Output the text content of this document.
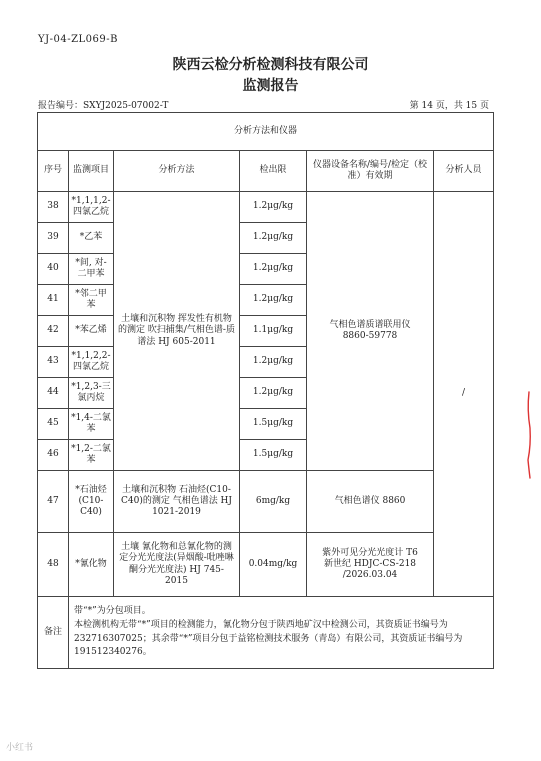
YJ-04-ZL069-B
陕西云检分析检测科技有限公司
监测报告
报告编号：SXYJ2025-07002-T	第 14 页，共 15 页
分析方法和仪器					
序号	监测项目	分析方法	检出限	仪器设备名称/编号/检定（校准）有效期	分析人员
38	*1,1,1,2-四氯乙烷	土壤和沉积物 挥发性有机物的测定 吹扫捕集/气相色谱-质谱法 HJ 605-2011	1.2μg/kg	气相色谱质谱联用仪 8860-59778	/
39	*乙苯		1.2μg/kg		
40	*间, 对-二甲苯		1.2μg/kg		
41	*邻二甲苯		1.2μg/kg		
42	*苯乙烯		1.1μg/kg		
43	*1,1,2,2-四氯乙烷		1.2μg/kg		
44	*1,2,3-三氯丙烷		1.2μg/kg		
45	*1,4-二氯苯		1.5μg/kg		
46	*1,2-二氯苯		1.5μg/kg		
47	*石油烃(C10-C40)	土壤和沉积物 石油烃(C10-C40)的测定 气相色谱法 HJ 1021-2019	6mg/kg	气相色谱仪 8860	
48	*氰化物	土壤 氰化物和总氰化物的测定分光光度法(异烟酸-吡唑啉酮分光光度法) HJ 745-2015	0.04mg/kg	紫外可见分光光度计 T6 新世纪 HDJC-CS-218 /2026.03.04	
备注	带“*”为分包项目。
本检测机构无带“*”项目的检测能力，氰化物分包于陕西地矿汉中检测公司，其资质证书编号为232716307025；其余带“*”项目分包于益铭检测技术服务（青岛）有限公司，其资质证书编号为191512340276。				
小红书
